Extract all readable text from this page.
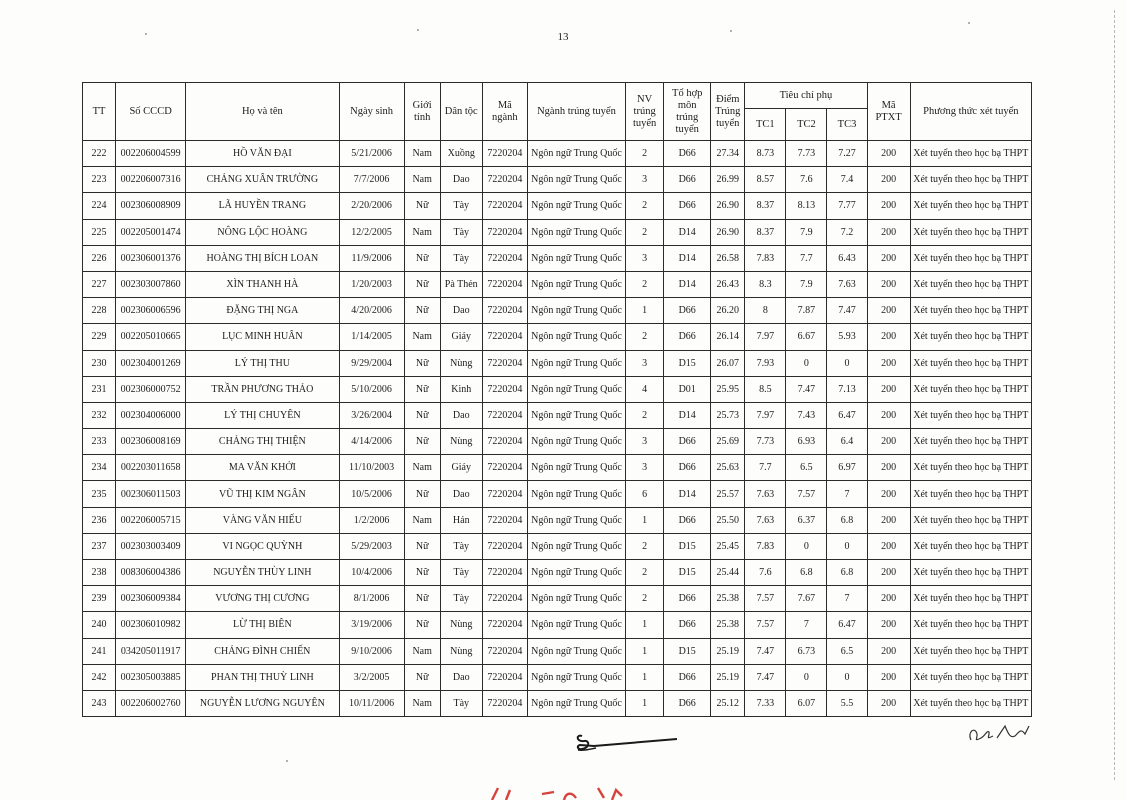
13
TT	Số CCCD	Họ và tên	Ngày sinh	Giới tính	Dân tộc	Mã ngành	Ngành trúng tuyển	NV trúng tuyển	Tổ hợp môn trúng tuyển	Điểm Trúng tuyển	Tiêu chí phụ			Mã PTXT	Phương thức xét tuyển
											TC1	TC2	TC3		
222	002206004599	HỒ VĂN ĐẠI	5/21/2006	Nam	Xuồng	7220204	Ngôn ngữ Trung Quốc	2	D66	27.34	8.73	7.73	7.27	200	Xét tuyển theo học bạ THPT
223	002206007316	CHẢNG XUÂN TRƯỜNG	7/7/2006	Nam	Dao	7220204	Ngôn ngữ Trung Quốc	3	D66	26.99	8.57	7.6	7.4	200	Xét tuyển theo học bạ THPT
224	002306008909	LÃ HUYỀN TRANG	2/20/2006	Nữ	Tày	7220204	Ngôn ngữ Trung Quốc	2	D66	26.90	8.37	8.13	7.77	200	Xét tuyển theo học bạ THPT
225	002205001474	NÔNG LỘC HOÀNG	12/2/2005	Nam	Tày	7220204	Ngôn ngữ Trung Quốc	2	D14	26.90	8.37	7.9	7.2	200	Xét tuyển theo học bạ THPT
226	002306001376	HOÀNG THỊ BÍCH LOAN	11/9/2006	Nữ	Tày	7220204	Ngôn ngữ Trung Quốc	3	D14	26.58	7.83	7.7	6.43	200	Xét tuyển theo học bạ THPT
227	002303007860	XÌN THANH HÀ	1/20/2003	Nữ	Pà Thẻn	7220204	Ngôn ngữ Trung Quốc	2	D14	26.43	8.3	7.9	7.63	200	Xét tuyển theo học bạ THPT
228	002306006596	ĐẶNG THỊ NGA	4/20/2006	Nữ	Dao	7220204	Ngôn ngữ Trung Quốc	1	D66	26.20	8	7.87	7.47	200	Xét tuyển theo học bạ THPT
229	002205010665	LỤC MINH HUÂN	1/14/2005	Nam	Giáy	7220204	Ngôn ngữ Trung Quốc	2	D66	26.14	7.97	6.67	5.93	200	Xét tuyển theo học bạ THPT
230	002304001269	LÝ THỊ THU	9/29/2004	Nữ	Nùng	7220204	Ngôn ngữ Trung Quốc	3	D15	26.07	7.93	0	0	200	Xét tuyển theo học bạ THPT
231	002306000752	TRẦN PHƯƠNG THẢO	5/10/2006	Nữ	Kinh	7220204	Ngôn ngữ Trung Quốc	4	D01	25.95	8.5	7.47	7.13	200	Xét tuyển theo học bạ THPT
232	002304006000	LÝ THỊ CHUYÊN	3/26/2004	Nữ	Dao	7220204	Ngôn ngữ Trung Quốc	2	D14	25.73	7.97	7.43	6.47	200	Xét tuyển theo học bạ THPT
233	002306008169	CHẢNG THỊ THIỆN	4/14/2006	Nữ	Nùng	7220204	Ngôn ngữ Trung Quốc	3	D66	25.69	7.73	6.93	6.4	200	Xét tuyển theo học bạ THPT
234	002203011658	MA VĂN KHỞI	11/10/2003	Nam	Giáy	7220204	Ngôn ngữ Trung Quốc	3	D66	25.63	7.7	6.5	6.97	200	Xét tuyển theo học bạ THPT
235	002306011503	VŨ THỊ KIM NGÂN	10/5/2006	Nữ	Dao	7220204	Ngôn ngữ Trung Quốc	6	D14	25.57	7.63	7.57	7	200	Xét tuyển theo học bạ THPT
236	002206005715	VÀNG VĂN HIẾU	1/2/2006	Nam	Hán	7220204	Ngôn ngữ Trung Quốc	1	D66	25.50	7.63	6.37	6.8	200	Xét tuyển theo học bạ THPT
237	002303003409	VI NGỌC QUỲNH	5/29/2003	Nữ	Tày	7220204	Ngôn ngữ Trung Quốc	2	D15	25.45	7.83	0	0	200	Xét tuyển theo học bạ THPT
238	008306004386	NGUYỄN THÙY LINH	10/4/2006	Nữ	Tày	7220204	Ngôn ngữ Trung Quốc	2	D15	25.44	7.6	6.8	6.8	200	Xét tuyển theo học bạ THPT
239	002306009384	VƯƠNG THỊ CƯƠNG	8/1/2006	Nữ	Tày	7220204	Ngôn ngữ Trung Quốc	2	D66	25.38	7.57	7.67	7	200	Xét tuyển theo học bạ THPT
240	002306010982	LỪ THỊ BIÊN	3/19/2006	Nữ	Nùng	7220204	Ngôn ngữ Trung Quốc	1	D66	25.38	7.57	7	6.47	200	Xét tuyển theo học bạ THPT
241	034205011917	CHẢNG ĐÌNH CHIẾN	9/10/2006	Nam	Nùng	7220204	Ngôn ngữ Trung Quốc	1	D15	25.19	7.47	6.73	6.5	200	Xét tuyển theo học bạ THPT
242	002305003885	PHAN THỊ THUỲ LINH	3/2/2005	Nữ	Dao	7220204	Ngôn ngữ Trung Quốc	1	D66	25.19	7.47	0	0	200	Xét tuyển theo học bạ THPT
243	002206002760	NGUYỄN LƯƠNG NGUYÊN	10/11/2006	Nam	Tày	7220204	Ngôn ngữ Trung Quốc	1	D66	25.12	7.33	6.07	5.5	200	Xét tuyển theo học bạ THPT
